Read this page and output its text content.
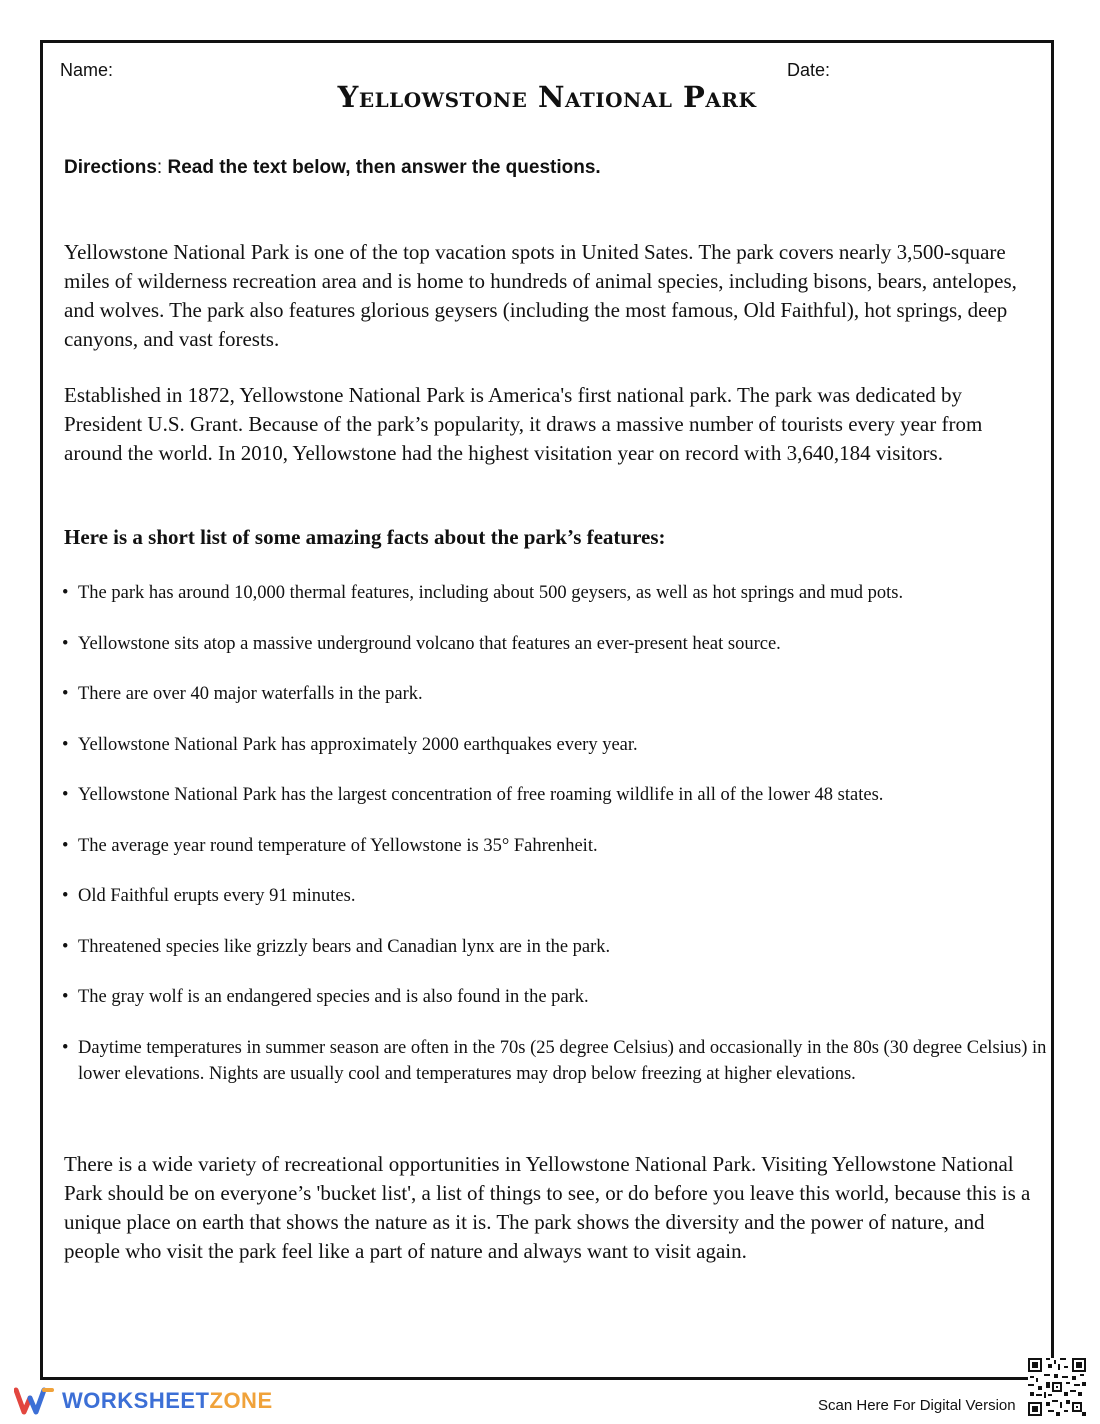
Name:	Date:
Yellowstone National Park
Directions: Read the text below, then answer the questions.

Yellowstone National Park is one of the top vacation spots in United Sates. The park covers nearly 3,500-square miles of wilderness recreation area and is home to hundreds of animal species, including bisons, bears, antelopes, and wolves. The park also features glorious geysers (including the most famous, Old Faithful), hot springs, deep canyons, and vast forests.

Established in 1872, Yellowstone National Park is America's first national park. The park was dedicated by President U.S. Grant. Because of the park’s popularity, it draws a massive number of tourists every year from around the world. In 2010, Yellowstone had the highest visitation year on record with 3,640,184 visitors.

Here is a short list of some amazing facts about the park’s features:
• The park has around 10,000 thermal features, including about 500 geysers, as well as hot springs and mud pots.
• Yellowstone sits atop a massive underground volcano that features an ever-present heat source.
• There are over 40 major waterfalls in the park.
• Yellowstone National Park has approximately 2000 earthquakes every year.
• Yellowstone National Park has the largest concentration of free roaming wildlife in all of the lower 48 states.
• The average year round temperature of Yellowstone is 35° Fahrenheit.
• Old Faithful erupts every 91 minutes.
• Threatened species like grizzly bears and Canadian lynx are in the park.
• The gray wolf is an endangered species and is also found in the park.
• Daytime temperatures in summer season are often in the 70s (25 degree Celsius) and occasionally in the 80s (30 degree Celsius) in lower elevations. Nights are usually cool and temperatures may drop below freezing at higher elevations.

There is a wide variety of recreational opportunities in Yellowstone National Park. Visiting Yellowstone National Park should be on everyone’s 'bucket list', a list of things to see, or do before you leave this world, because this is a unique place on earth that shows the nature as it is. The park shows the diversity and the power of nature, and people who visit the park feel like a part of nature and always want to visit again.

WORKSHEETZONE	Scan Here For Digital Version
